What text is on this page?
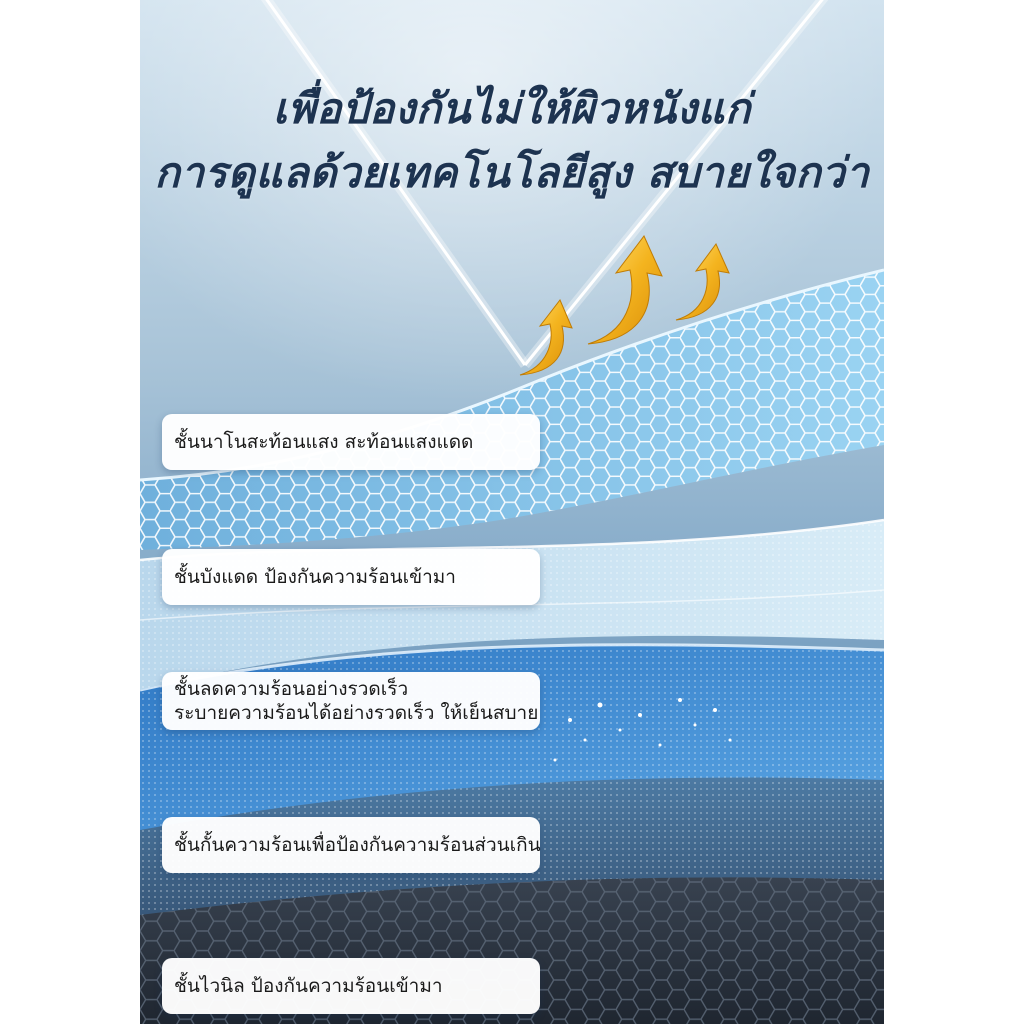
เพื่อป้องกันไม่ให้ผิวหนังแก่
การดูแลด้วยเทคโนโลยีสูง สบายใจกว่า
ชั้นนาโนสะท้อนแสง สะท้อนแสงแดด
ชั้นบังแดด ป้องกันความร้อนเข้ามา
ชั้นลดความร้อนอย่างรวดเร็ว
ระบายความร้อนได้อย่างรวดเร็ว ให้เย็นสบาย
ชั้นกั้นความร้อนเพื่อป้องกันความร้อนส่วนเกิน
ชั้นไวนิล ป้องกันความร้อนเข้ามา
